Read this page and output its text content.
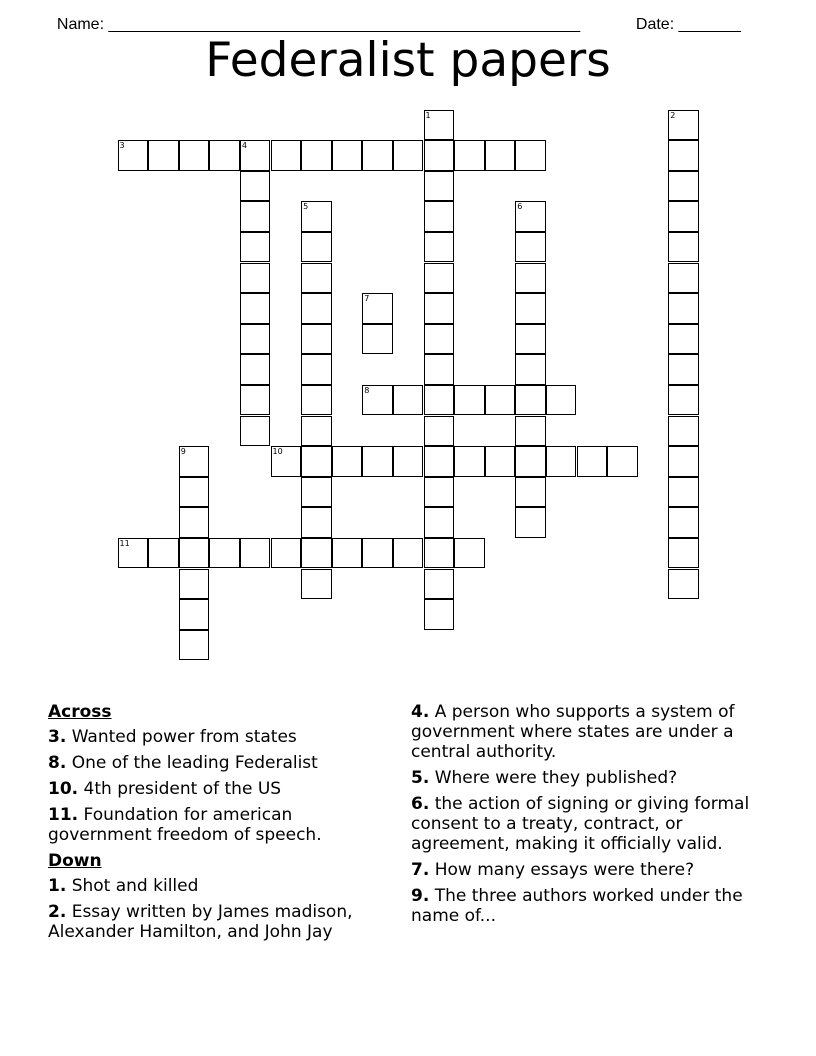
Name: _____________________________________________________	Date: _______

Federalist papers
1	2
3	4
5	6
7
8
9	10
11
Across
3. Wanted power from states
8. One of the leading Federalist
10. 4th president of the US
11. Foundation for american government freedom of speech.
Down
1. Shot and killed
2. Essay written by James madison, Alexander Hamilton, and John Jay
4. A person who supports a system of government where states are under a central authority.
5. Where were they published?
6. the action of signing or giving formal consent to a treaty, contract, or agreement, making it officially valid.
7. How many essays were there?
9. The three authors worked under the name of...
